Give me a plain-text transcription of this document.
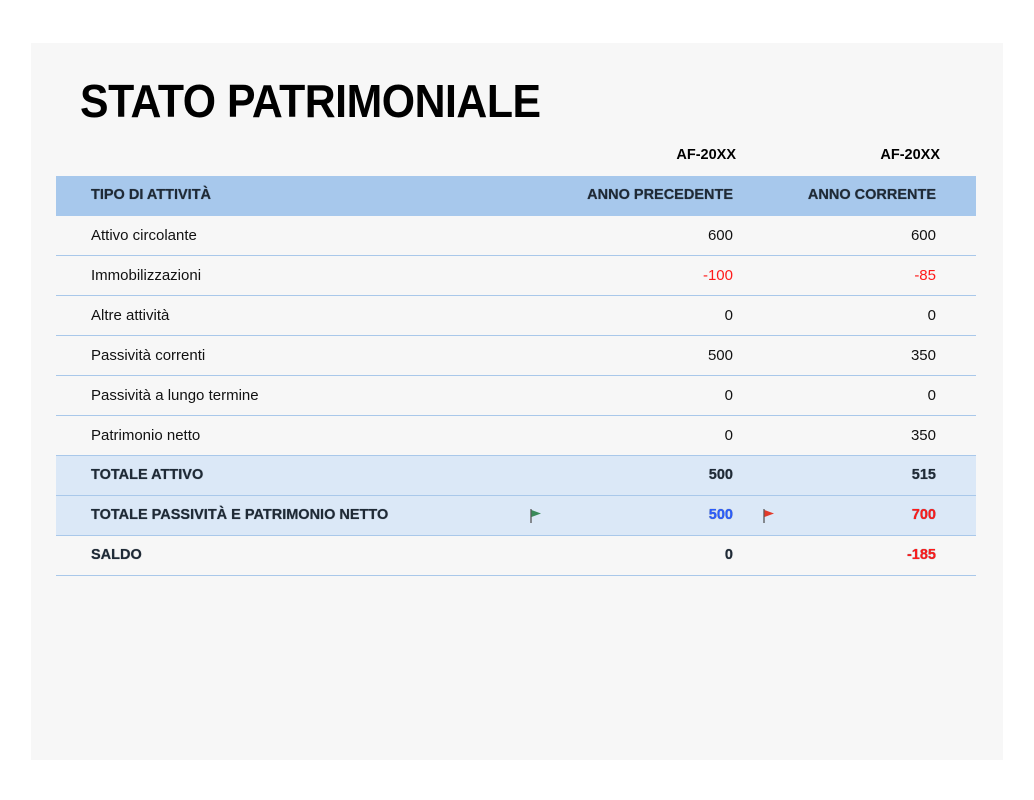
STATO PATRIMONIALE
AF-20XX	AF-20XX
TIPO DI ATTIVITÀ	ANNO PRECEDENTE	ANNO CORRENTE
Attivo circolante	600	600
Immobilizzazioni	-100	-85
Altre attività	0	0
Passività correnti	500	350
Passività a lungo termine	0	0
Patrimonio netto	0	350
TOTALE ATTIVO	500	515
TOTALE PASSIVITÀ E PATRIMONIO NETTO	500	700
SALDO	0	-185
